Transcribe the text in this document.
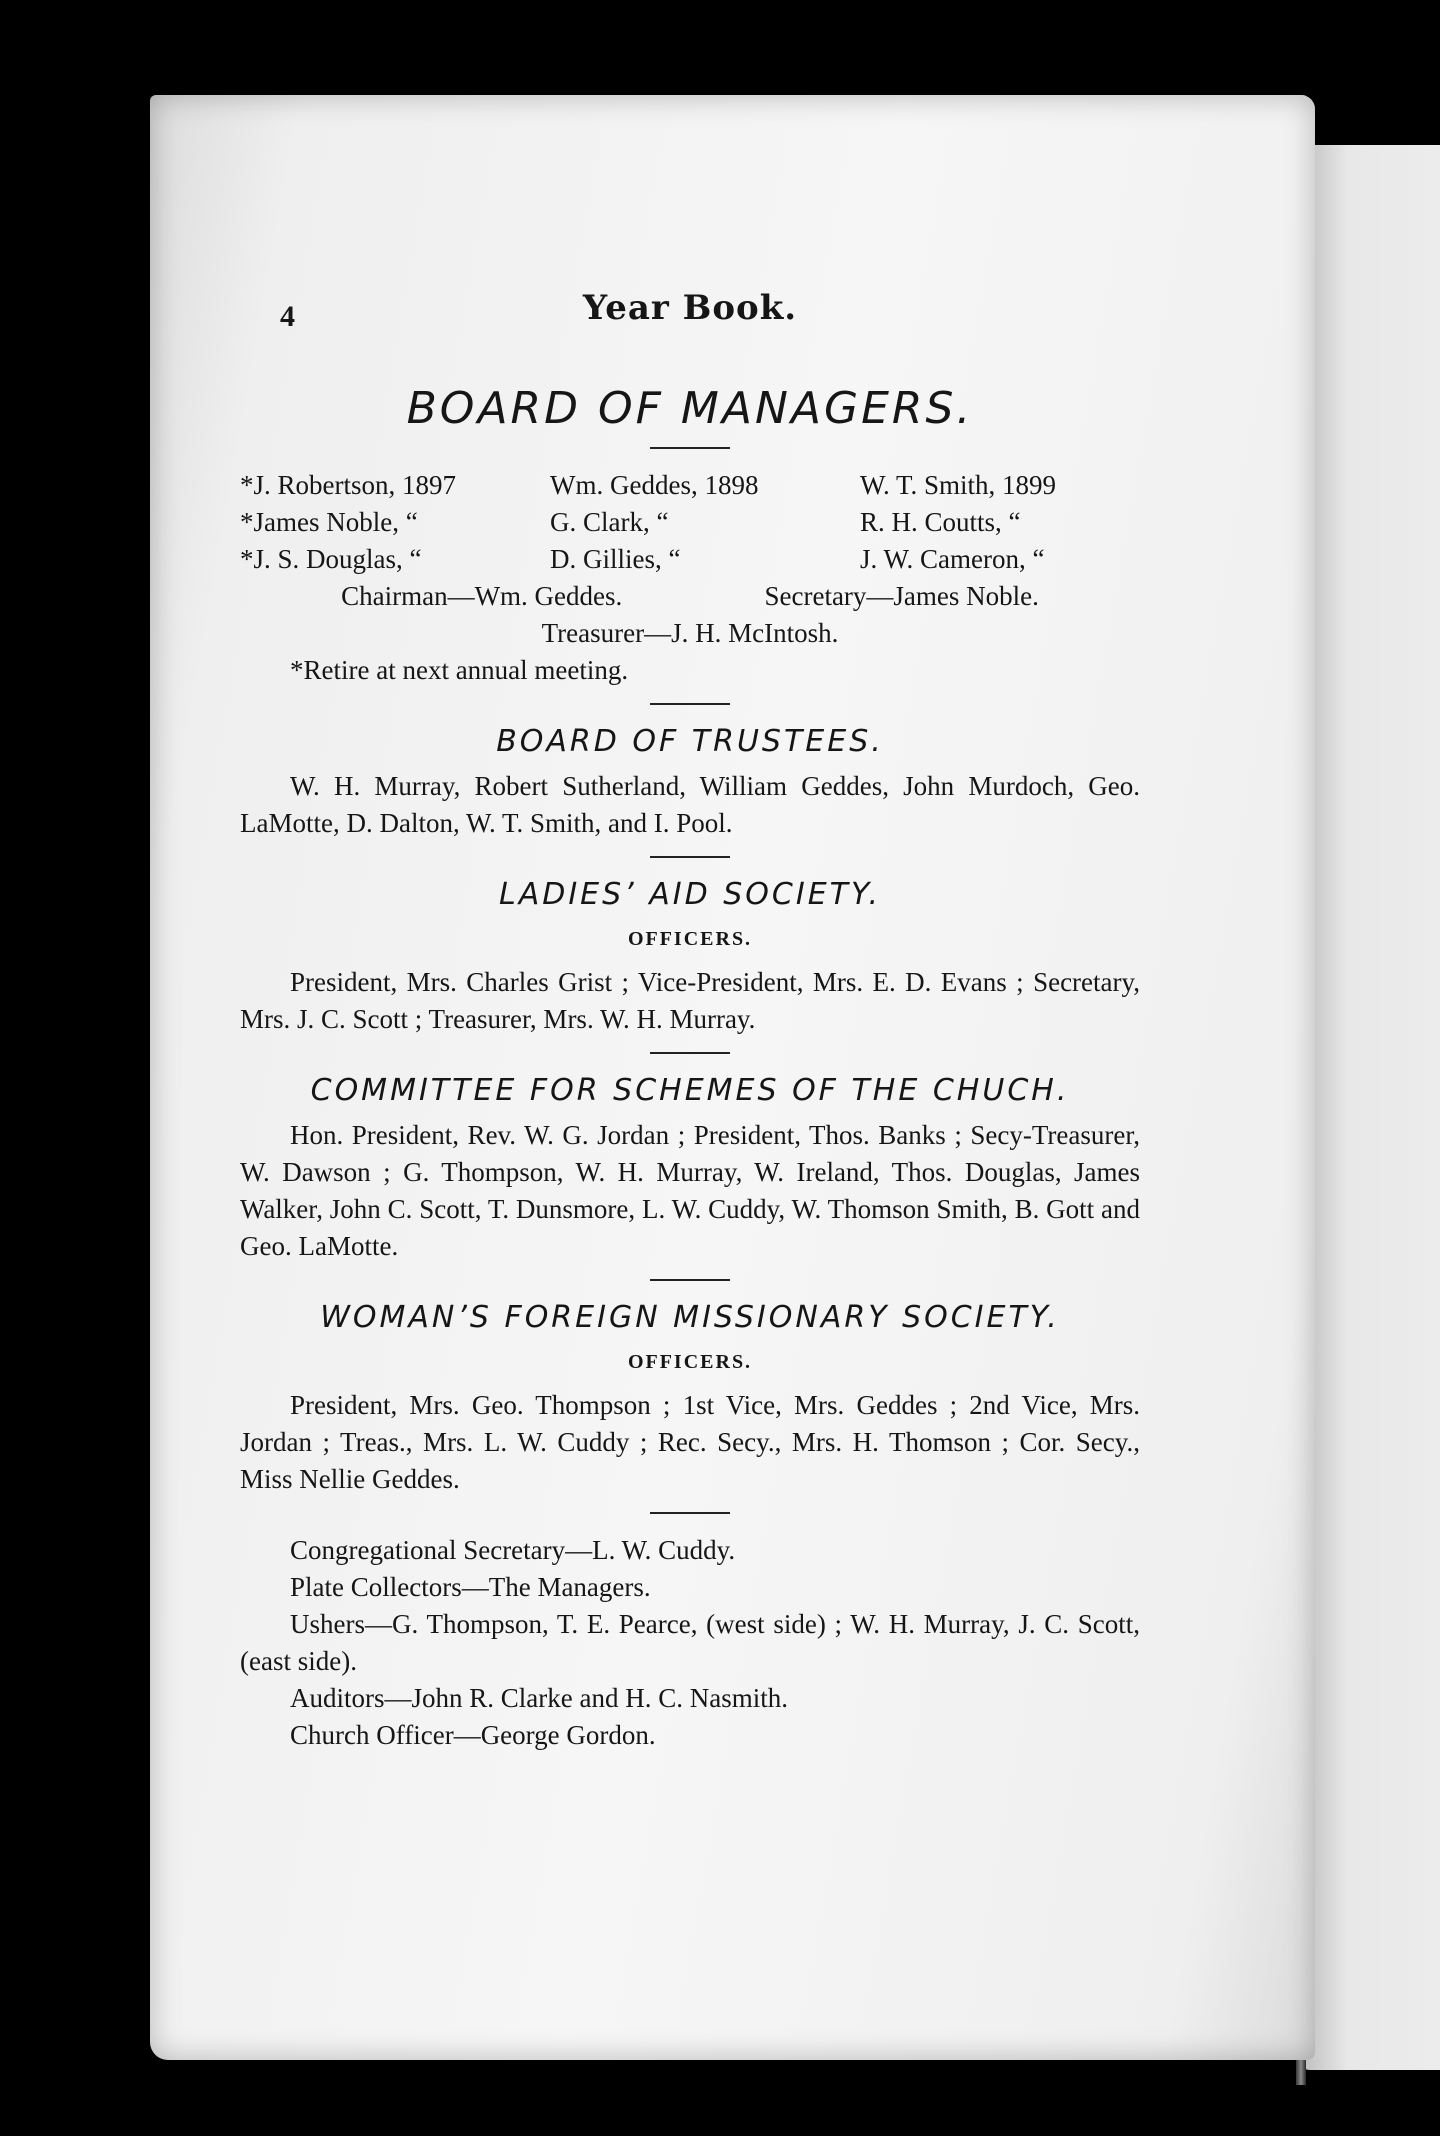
4	Year Book.
BOARD OF MANAGERS.
*J. Robertson, 1897	Wm. Geddes, 1898	W. T. Smith, 1899
*James Noble, “	G. Clark, “	R. H. Coutts, “
*J. S. Douglas, “	D. Gillies, “	J. W. Cameron, “

Chairman—Wm. Geddes.	Secretary—James Noble.

Treasurer—J. H. McIntosh.

*Retire at next annual meeting.

BOARD OF TRUSTEES.

W. H. Murray, Robert Sutherland, William Geddes, John Murdoch, Geo. LaMotte, D. Dalton, W. T. Smith, and I. Pool.

LADIES’ AID SOCIETY.
OFFICERS.

President, Mrs. Charles Grist ; Vice-President, Mrs. E. D. Evans ; Secretary, Mrs. J. C. Scott ; Treasurer, Mrs. W. H. Murray.

COMMITTEE FOR SCHEMES OF THE CHUCH.

Hon. President, Rev. W. G. Jordan ; President, Thos. Banks ; Secy-Treasurer, W. Dawson ; G. Thompson, W. H. Murray, W. Ireland, Thos. Douglas, James Walker, John C. Scott, T. Dunsmore, L. W. Cuddy, W. Thomson Smith, B. Gott and Geo. LaMotte.

WOMAN’S FOREIGN MISSIONARY SOCIETY.
OFFICERS.

President, Mrs. Geo. Thompson ; 1st Vice, Mrs. Geddes ; 2nd Vice, Mrs. Jordan ; Treas., Mrs. L. W. Cuddy ; Rec. Secy., Mrs. H. Thomson ; Cor. Secy., Miss Nellie Geddes.

Congregational Secretary—L. W. Cuddy.

Plate Collectors—The Managers.

Ushers—G. Thompson, T. E. Pearce, (west side) ; W. H. Murray, J. C. Scott, (east side).

Auditors—John R. Clarke and H. C. Nasmith.

Church Officer—George Gordon.
